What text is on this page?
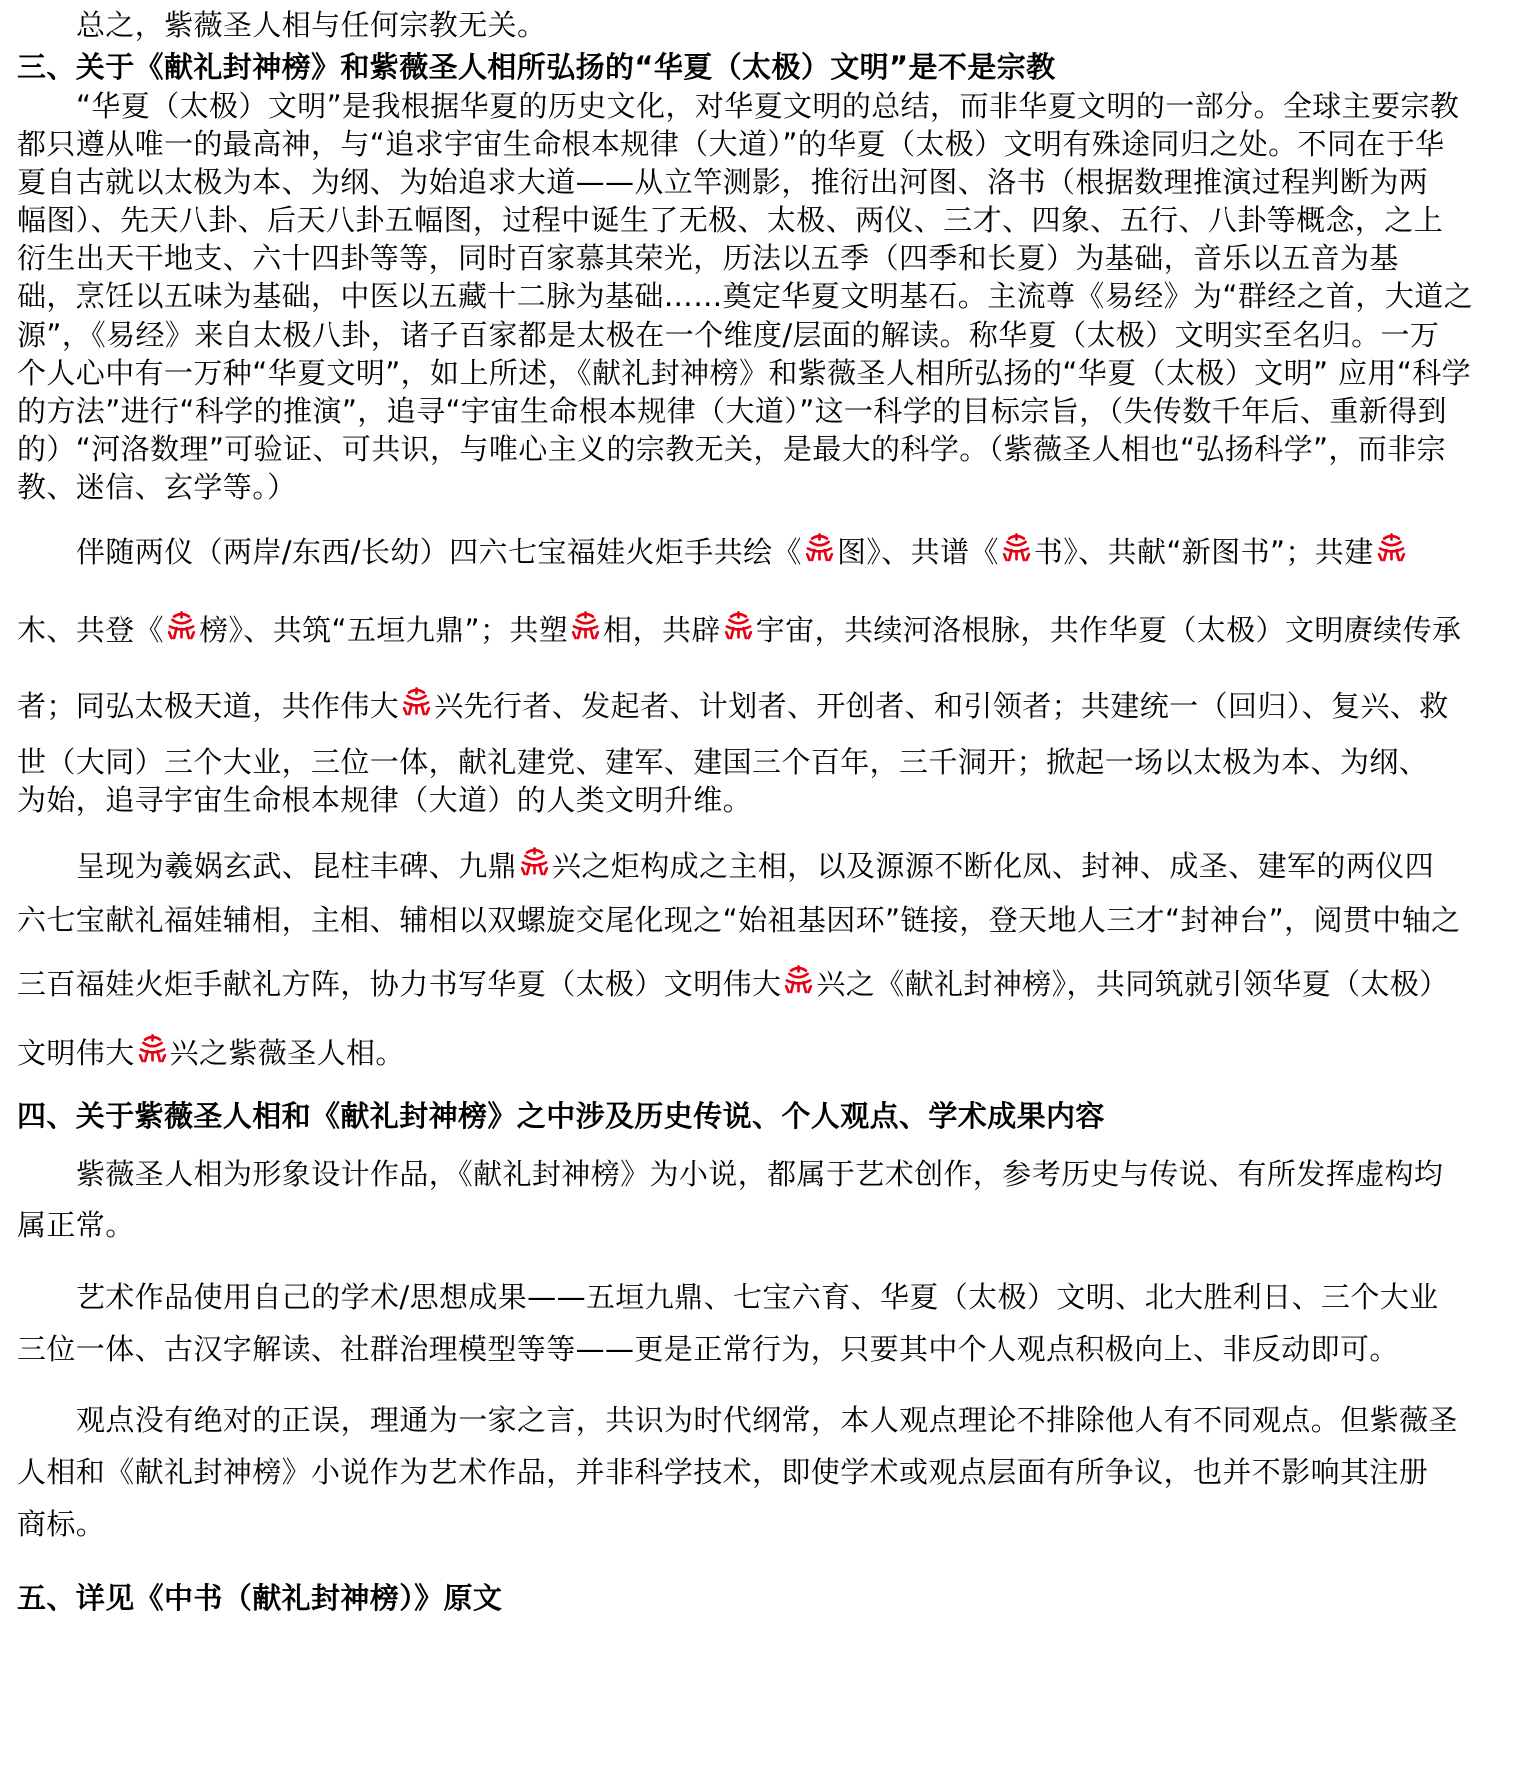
总之，紫薇圣人相与任何宗教无关。
三、关于《献礼封神榜》和紫薇圣人相所弘扬的“华夏（太极）文明”是不是宗教
“华夏（太极）文明”是我根据华夏的历史文化，对华夏文明的总结，而非华夏文明的一部分。全球主要宗教
都只遵从唯一的最高神，与“追求宇宙生命根本规律（大道）”的华夏（太极）文明有殊途同归之处。不同在于华
夏自古就以太极为本、为纲、为始追求大道——从立竿测影，推衍出河图、洛书（根据数理推演过程判断为两
幅图）、先天八卦、后天八卦五幅图，过程中诞生了无极、太极、两仪、三才、四象、五行、八卦等概念，之上
衍生出天干地支、六十四卦等等，同时百家慕其荣光，历法以五季（四季和长夏）为基础，音乐以五音为基
础，烹饪以五味为基础，中医以五藏十二脉为基础……奠定华夏文明基石。主流尊《易经》为“群经之首，大道之
源”，《易经》来自太极八卦，诸子百家都是太极在一个维度/层面的解读。称华夏（太极）文明实至名归。一万
个人心中有一万种“华夏文明”，如上所述，《献礼封神榜》和紫薇圣人相所弘扬的“华夏（太极）文明” 应用“科学
的方法”进行“科学的推演”，追寻“宇宙生命根本规律（大道）”这一科学的目标宗旨，（失传数千年后、重新得到
的）“河洛数理”可验证、可共识，与唯心主义的宗教无关，是最大的科学。（紫薇圣人相也“弘扬科学”，而非宗
教、迷信、玄学等。）
伴随两仪（两岸/东西/长幼）四六七宝福娃火炬手共绘《 图》、共谱《 书》、共献“新图书”；共建
木、共登《 榜》、共筑“五垣九鼎”；共塑 相，共辟 宇宙，共续河洛根脉，共作华夏（太极）文明赓续传承
者；同弘太极天道，共作伟大 兴先行者、发起者、计划者、开创者、和引领者；共建统一（回归）、复兴、救
世（大同）三个大业，三位一体，献礼建党、建军、建国三个百年，三千洞开；掀起一场以太极为本、为纲、
为始，追寻宇宙生命根本规律（大道）的人类文明升维。
呈现为羲娲玄武、昆柱丰碑、九鼎 兴之炬构成之主相，以及源源不断化凤、封神、成圣、建军的两仪四
六七宝献礼福娃辅相，主相、辅相以双螺旋交尾化现之“始祖基因环”链接，登天地人三才“封神台”，阅贯中轴之
三百福娃火炬手献礼方阵，协力书写华夏（太极）文明伟大 兴之《献礼封神榜》，共同筑就引领华夏（太极）
文明伟大 兴之紫薇圣人相。
四、关于紫薇圣人相和《献礼封神榜》之中涉及历史传说、个人观点、学术成果内容
紫薇圣人相为形象设计作品，《献礼封神榜》为小说，都属于艺术创作，参考历史与传说、有所发挥虚构均
属正常。
艺术作品使用自己的学术/思想成果——五垣九鼎、七宝六育、华夏（太极）文明、北大胜利日、三个大业
三位一体、古汉字解读、社群治理模型等等——更是正常行为，只要其中个人观点积极向上、非反动即可。
观点没有绝对的正误，理通为一家之言，共识为时代纲常，本人观点理论不排除他人有不同观点。但紫薇圣
人相和《献礼封神榜》小说作为艺术作品，并非科学技术，即使学术或观点层面有所争议，也并不影响其注册
商标。
五、详见《中书（献礼封神榜）》原文
